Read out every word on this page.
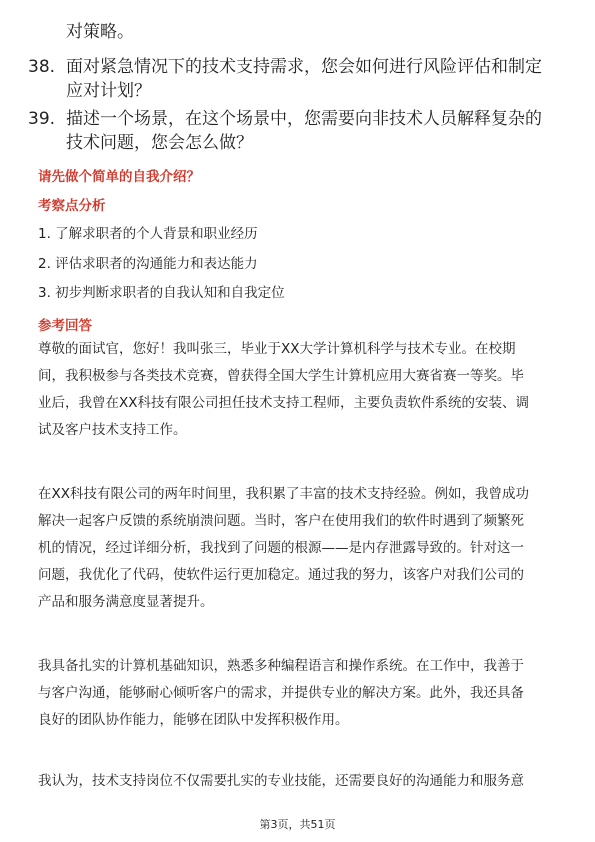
对策略。
38. 面对紧急情况下的技术支持需求，您会如何进行风险评估和制定
应对计划？
39. 描述一个场景，在这个场景中，您需要向非技术人员解释复杂的
技术问题，您会怎么做？
请先做个简单的自我介绍？
考察点分析
1. 了解求职者的个人背景和职业经历
2. 评估求职者的沟通能力和表达能力
3. 初步判断求职者的自我认知和自我定位
参考回答
尊敬的面试官，您好！我叫张三，毕业于XX大学计算机科学与技术专业。在校期
间，我积极参与各类技术竞赛，曾获得全国大学生计算机应用大赛省赛一等奖。毕
业后，我曾在XX科技有限公司担任技术支持工程师，主要负责软件系统的安装、调
试及客户技术支持工作。
在XX科技有限公司的两年时间里，我积累了丰富的技术支持经验。例如，我曾成功
解决一起客户反馈的系统崩溃问题。当时，客户在使用我们的软件时遇到了频繁死
机的情况，经过详细分析，我找到了问题的根源——是内存泄露导致的。针对这一
问题，我优化了代码，使软件运行更加稳定。通过我的努力，该客户对我们公司的
产品和服务满意度显著提升。
我具备扎实的计算机基础知识，熟悉多种编程语言和操作系统。在工作中，我善于
与客户沟通，能够耐心倾听客户的需求，并提供专业的解决方案。此外，我还具备
良好的团队协作能力，能够在团队中发挥积极作用。
我认为，技术支持岗位不仅需要扎实的专业技能，还需要良好的沟通能力和服务意
第3页，共51页
